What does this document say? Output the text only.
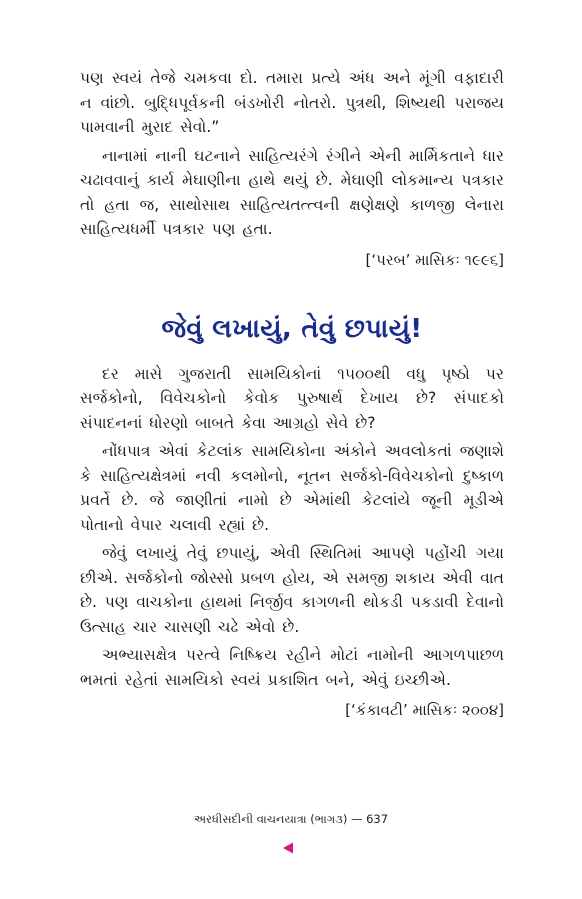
પણ સ્વયં તેજે ચમકવા દો. તમારા પ્રત્યે અંધ અને મૂંગી વફાદારી ન વાંછો. બુદ્ધિપૂર્વકની બંડખોરી નોતરો. પુત્રથી, શિષ્યથી પરાજય પામવાની મુરાદ સેવો.”

નાનામાં નાની ઘટનાને સાહિત્યરંગે રંગીને એની માર્મિકતાને ધાર ચઢાવવાનું કાર્ય મેઘાણીના હાથે થયું છે. મેઘાણી લોકમાન્ય પત્રકાર તો હતા જ, સાથોસાથ સાહિત્યતત્ત્વની ક્ષણેક્ષણે કાળજી લેનારા સાહિત્યધર્મી પત્રકાર પણ હતા.

[‘પરબ’ માસિકઃ ૧૯૯૬]
જેવું લખાયું, તેવું છપાયું!

દર માસે ગુજરાતી સામયિકોનાં ૧૫૦૦થી વધુ પૃષ્ઠો પર સર્જકોનો, વિવેચકોનો કેવોક પુરુષાર્થ દેખાય છે? સંપાદકો સંપાદનનાં ધોરણો બાબતે કેવા આગ્રહો સેવે છે?

નોંધપાત્ર એવાં કેટલાંક સામયિકોના અંકોને અવલોકતાં જણાશે કે સાહિત્યક્ષેત્રમાં નવી કલમોનો, નૂતન સર્જકો-વિવેચકોનો દુષ્કાળ પ્રવર્તે છે. જે જાણીતાં નામો છે એમાંથી કેટલાંયે જૂની મૂડીએ પોતાનો વેપાર ચલાવી રહ્યાં છે.

જેવું લખાયું તેવું છપાયું, એવી સ્થિતિમાં આપણે પહોંચી ગયા છીએ. સર્જકોનો જોસ્સો પ્રબળ હોય, એ સમજી શકાય એવી વાત છે. પણ વાચકોના હાથમાં નિર્જીવ કાગળની થોકડી પકડાવી દેવાનો ઉત્સાહ ચાર ચાસણી ચઢે એવો છે.

અભ્યાસક્ષેત્ર પરત્વે નિષ્ક્રિય રહીને મોટાં નામોની આગળપાછળ ભમતાં રહેતાં સામયિકો સ્વયં પ્રકાશિત બને, એવું ઇચ્છીએ.

[‘કંકાવટી’ માસિકઃ ૨૦૦૪]
અરધીસદીની વાચનયાત્રા (ભાગ૩) — 637
